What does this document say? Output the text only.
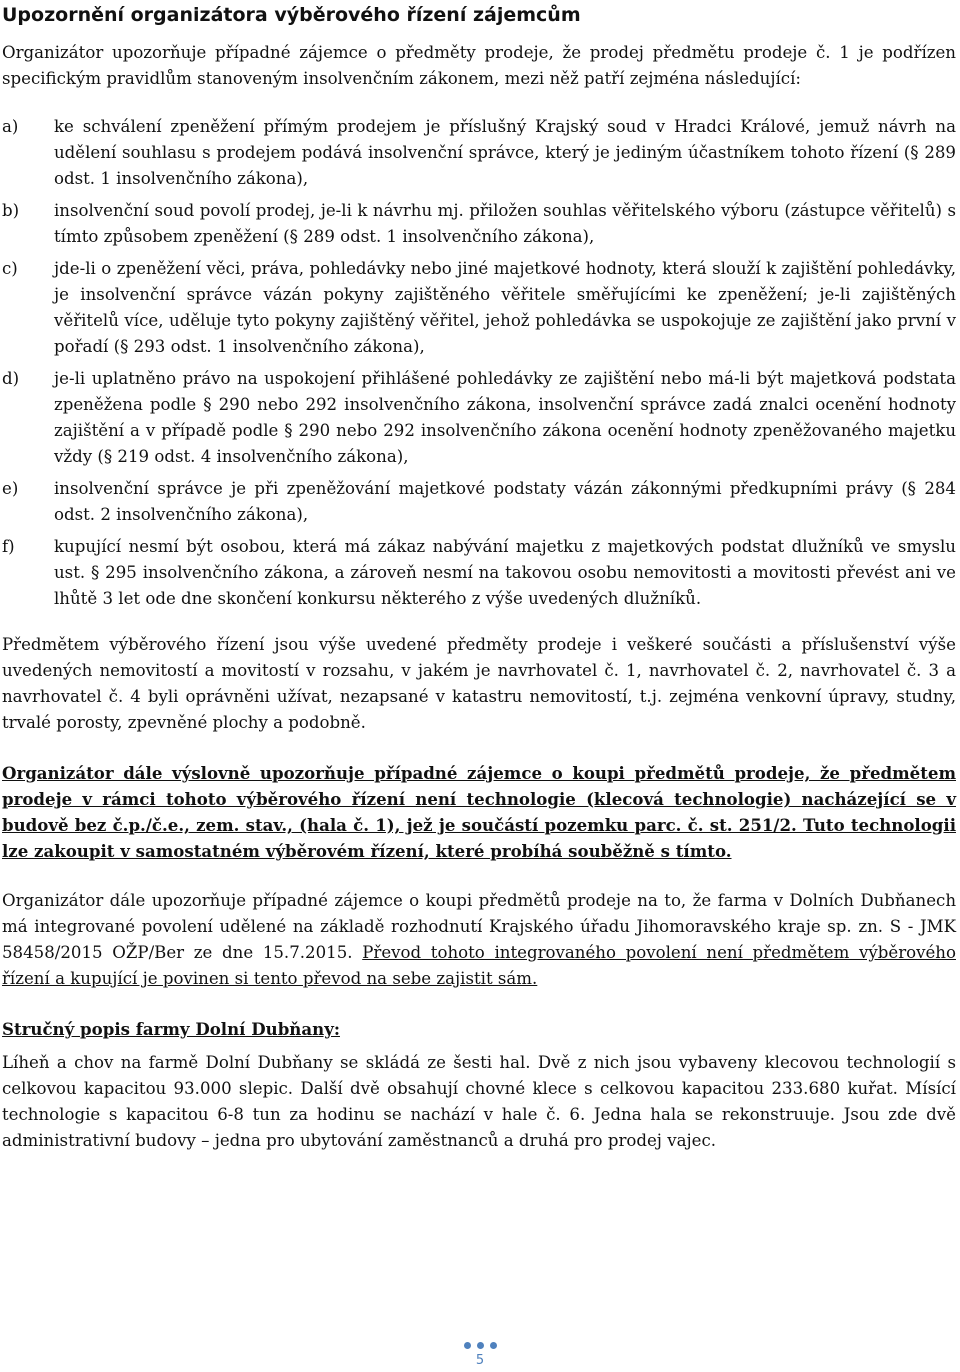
Upozornění organizátora výběrového řízení zájemcům

Organizátor upozorňuje případné zájemce o předměty prodeje, že prodej předmětu prodeje č. 1 je podřízen specifickým pravidlům stanoveným insolvenčním zákonem, mezi něž patří zejména následující:

a)	ke schválení zpeněžení přímým prodejem je příslušný Krajský soud v Hradci Králové, jemuž návrh na udělení souhlasu s prodejem podává insolvenční správce, který je jediným účastníkem tohoto řízení (§ 289 odst. 1 insolvenčního zákona),
b)	insolvenční soud povolí prodej, je-li k návrhu mj. přiložen souhlas věřitelského výboru (zástupce věřitelů) s tímto způsobem zpeněžení (§ 289 odst. 1 insolvenčního zákona),
c)	jde-li o zpeněžení věci, práva, pohledávky nebo jiné majetkové hodnoty, která slouží k zajištění pohledávky, je insolvenční správce vázán pokyny zajištěného věřitele směřujícími ke zpeněžení; je-li zajištěných věřitelů více, uděluje tyto pokyny zajištěný věřitel, jehož pohledávka se uspokojuje ze zajištění jako první v pořadí (§ 293 odst. 1 insolvenčního zákona),
d)	je-li uplatněno právo na uspokojení přihlášené pohledávky ze zajištění nebo má-li být majetková podstata zpeněžena podle § 290 nebo 292 insolvenčního zákona, insolvenční správce zadá znalci ocenění hodnoty zajištění a v případě podle § 290 nebo 292 insolvenčního zákona ocenění hodnoty zpeněžovaného majetku vždy (§ 219 odst. 4 insolvenčního zákona),
e)	insolvenční správce je při zpeněžování majetkové podstaty vázán zákonnými předkupními právy (§ 284 odst. 2 insolvenčního zákona),
f)	kupující nesmí být osobou, která má zákaz nabývání majetku z majetkových podstat dlužníků ve smyslu ust. § 295 insolvenčního zákona, a zároveň nesmí na takovou osobu nemovitosti a movitosti převést ani ve lhůtě 3 let ode dne skončení konkursu některého z výše uvedených dlužníků.

Předmětem výběrového řízení jsou výše uvedené předměty prodeje i veškeré součásti a příslušenství výše uvedených nemovitostí a movitostí v rozsahu, v jakém je navrhovatel č. 1, navrhovatel č. 2, navrhovatel č. 3 a navrhovatel č. 4 byli oprávněni užívat, nezapsané v katastru nemovitostí, t.j. zejména venkovní úpravy, studny, trvalé porosty, zpevněné plochy a podobně.

Organizátor dále výslovně upozorňuje případné zájemce o koupi předmětů prodeje, že předmětem prodeje v rámci tohoto výběrového řízení není technologie (klecová technologie) nacházející se v budově bez č.p./č.e., zem. stav., (hala č. 1), jež je součástí pozemku parc. č. st. 251/2. Tuto technologii lze zakoupit v samostatném výběrovém řízení, které probíhá souběžně s tímto.

Organizátor dále upozorňuje případné zájemce o koupi předmětů prodeje na to, že farma v Dolních Dubňanech má integrované povolení udělené na základě rozhodnutí Krajského úřadu Jihomoravského kraje sp. zn. S - JMK 58458/2015 OŽP/Ber ze dne 15.7.2015. Převod tohoto integrovaného povolení není předmětem výběrového řízení a kupující je povinen si tento převod na sebe zajistit sám.

Stručný popis farmy Dolní Dubňany:

Líheň a chov na farmě Dolní Dubňany se skládá ze šesti hal. Dvě z nich jsou vybaveny klecovou technologií s celkovou kapacitou 93.000 slepic. Další dvě obsahují chovné klece s celkovou kapacitou 233.680 kuřat. Mísící technologie s kapacitou 6-8 tun za hodinu se nachází v hale č. 6. Jedna hala se rekonstruuje. Jsou zde dvě administrativní budovy – jedna pro ubytování zaměstnanců a druhá pro prodej vajec.

5
